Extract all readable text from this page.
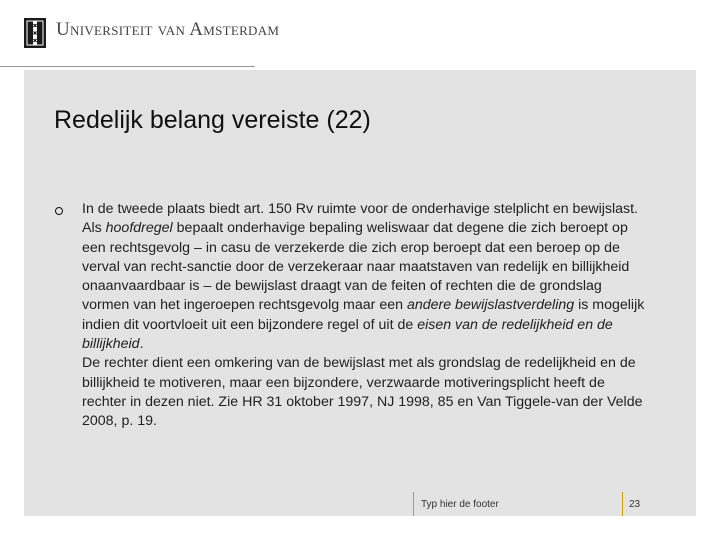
Universiteit van Amsterdam
Redelijk belang vereiste (22)

In de tweede plaats biedt art. 150 Rv ruimte voor de onderhavige stelplicht en bewijslast. Als hoofdregel bepaalt onderhavige bepaling weliswaar dat degene die zich beroept op een rechtsgevolg – in casu de verzekerde die zich erop beroept dat een beroep op de verval van recht-sanctie door de verzekeraar naar maatstaven van redelijk en billijkheid onaanvaardbaar is – de bewijslast draagt van de feiten of rechten die de grondslag vormen van het ingeroepen rechtsgevolg maar een andere bewijslastverdeling is mogelijk indien dit voortvloeit uit een bijzondere regel of uit de eisen van de redelijkheid en de billijkheid.

De rechter dient een omkering van de bewijslast met als grondslag de redelijkheid en de billijkheid te motiveren, maar een bijzondere, verzwaarde motiveringsplicht heeft de rechter in dezen niet. Zie HR 31 oktober 1997, NJ 1998, 85 en Van Tiggele-van der Velde 2008, p. 19.

Typ hier de footer	23
